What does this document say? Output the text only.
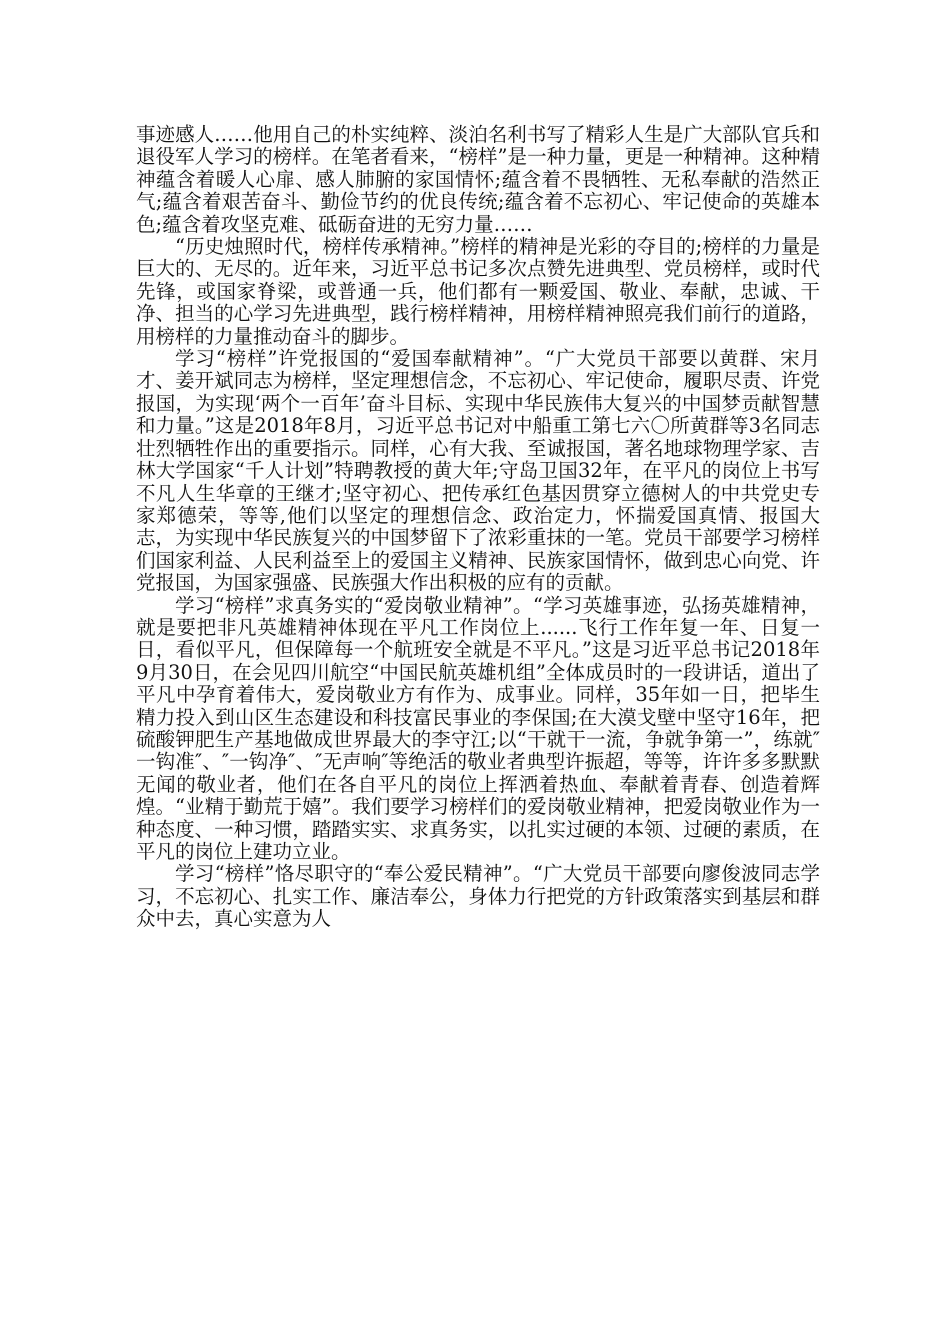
事迹感人……他用自己的朴实纯粹、淡泊名利书写了精彩人生是广大部队官兵和退役军人学习的榜样。在笔者看来，“榜样”是一种力量，更是一种精神。这种精神蕴含着暖人心扉、感人肺腑的家国情怀;蕴含着不畏牺牲、无私奉献的浩然正气;蕴含着艰苦奋斗、勤俭节约的优良传统;蕴含着不忘初心、牢记使命的英雄本色;蕴含着攻坚克难、砥砺奋进的无穷力量……

“历史烛照时代，榜样传承精神。”榜样的精神是光彩的夺目的;榜样的力量是巨大的、无尽的。近年来，习近平总书记多次点赞先进典型、党员榜样，或时代先锋，或国家脊梁，或普通一兵，他们都有一颗爱国、敬业、奉献，忠诚、干净、担当的心学习先进典型，践行榜样精神，用榜样精神照亮我们前行的道路，用榜样的力量推动奋斗的脚步。

学习“榜样”许党报国的“爱国奉献精神”。“广大党员干部要以黄群、宋月才、姜开斌同志为榜样，坚定理想信念，不忘初心、牢记使命，履职尽责、许党报国，为实现‘两个一百年’奋斗目标、实现中华民族伟大复兴的中国梦贡献智慧和力量。”这是2018年8月，习近平总书记对中船重工第七六〇所黄群等3名同志壮烈牺牲作出的重要指示。同样，心有大我、至诚报国，著名地球物理学家、吉林大学国家“千人计划”特聘教授的黄大年;守岛卫国32年，在平凡的岗位上书写不凡人生华章的王继才;坚守初心、把传承红色基因贯穿立德树人的中共党史专家郑德荣，等等,他们以坚定的理想信念、政治定力，怀揣爱国真情、报国大志，为实现中华民族复兴的中国梦留下了浓彩重抹的一笔。党员干部要学习榜样们国家利益、人民利益至上的爱国主义精神、民族家国情怀，做到忠心向党、许党报国，为国家强盛、民族强大作出积极的应有的贡献。

学习“榜样”求真务实的“爱岗敬业精神”。“学习英雄事迹，弘扬英雄精神，就是要把非凡英雄精神体现在平凡工作岗位上......飞行工作年复一年、日复一日，看似平凡，但保障每一个航班安全就是不平凡。”这是习近平总书记2018年9月30日，在会见四川航空“中国民航英雄机组”全体成员时的一段讲话，道出了平凡中孕育着伟大，爱岗敬业方有作为、成事业。同样，35年如一日，把毕生精力投入到山区生态建设和科技富民事业的李保国;在大漠戈壁中坚守16年，把硫酸钾肥生产基地做成世界最大的李守江;以“干就干一流，争就争第一”，练就″一钩准″、″一钩净″、″无声响″等绝活的敬业者典型许振超，等等，许许多多默默无闻的敬业者，他们在各自平凡的岗位上挥洒着热血、奉献着青春、创造着辉煌。“业精于勤荒于嬉”。我们要学习榜样们的爱岗敬业精神，把爱岗敬业作为一种态度、一种习惯，踏踏实实、求真务实，以扎实过硬的本领、过硬的素质，在平凡的岗位上建功立业。

学习“榜样”恪尽职守的“奉公爱民精神”。“广大党员干部要向廖俊波同志学习，不忘初心、扎实工作、廉洁奉公，身体力行把党的方针政策落实到基层和群众中去，真心实意为人
